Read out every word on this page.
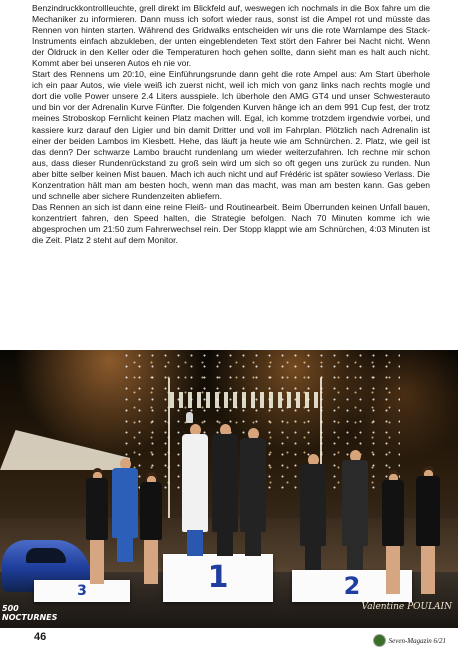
Benzindruckkontrollleuchte, grell direkt im Blickfeld auf, weswegen ich nochmals in die Box fahre um die Mechaniker zu informieren. Dann muss ich sofort wieder raus, sonst ist die Ampel rot und müsste das Rennen von hinten starten. Während des Gridwalks entscheiden wir uns die rote Warnlampe des Stack-Instruments einfach abzukleben, der unten eingeblendeten Text stört den Fahrer bei Nacht nicht. Wenn der Öldruck in den Keller oder die Temperaturen hoch gehen sollte, dann sieht man es halt auch nicht. Kommt aber bei unseren Autos eh nie vor.

Start des Rennens um 20:10, eine Einführungsrunde dann geht die rote Ampel aus: Am Start überhole ich ein paar Autos, wie viele weiß ich zuerst nicht, weil ich mich von ganz links nach rechts mogle und dort die volle Power unsere 2.4 Liters ausspiele. Ich überhole den AMG GT4 und unser Schwesterauto und bin vor der Adrenalin Kurve Fünfter. Die folgenden Kurven hänge ich an dem 991 Cup fest, der trotz meines Stroboskop Fernlicht keinen Platz machen will. Egal, ich komme trotzdem irgendwie vorbei, und kassiere kurz darauf den Ligier und bin damit Dritter und voll im Fahrplan. Plötzlich nach Adrenalin ist einer der beiden Lambos im Kiesbett. Hehe, das läuft ja heute wie am Schnürchen. 2. Platz, wie geil ist das denn? Der schwarze Lambo braucht rundenlang um wieder weiterzufahren. Ich rechne mir schon aus, dass dieser Rundenrückstand zu groß sein wird um sich so oft gegen uns zurück zu runden. Nun aber bitte selber keinen Mist bauen. Mach ich auch nicht und auf Frédéric ist später sowieso Verlass. Die Konzentration hält man am besten hoch, wenn man das macht, was man am besten kann. Gas geben und schnelle aber sichere Rundenzeiten abliefern.

Das Rennen an sich ist dann eine reine Fleiß- und Routinearbeit. Beim Überrunden keinen Unfall bauen, konzentriert fahren, den Speed halten, die Strategie befolgen. Nach 70 Minuten komme ich wie abgesprochen um 21:50 zum Fahrerwechsel rein. Der Stopp klappt wie am Schnürchen, 4:03 Minuten ist die Zeit. Platz 2 steht auf dem Monitor.

3	1	2
500
NOCTURNES
Valentine POULAIN
46	Seven-Magazin 6/21
